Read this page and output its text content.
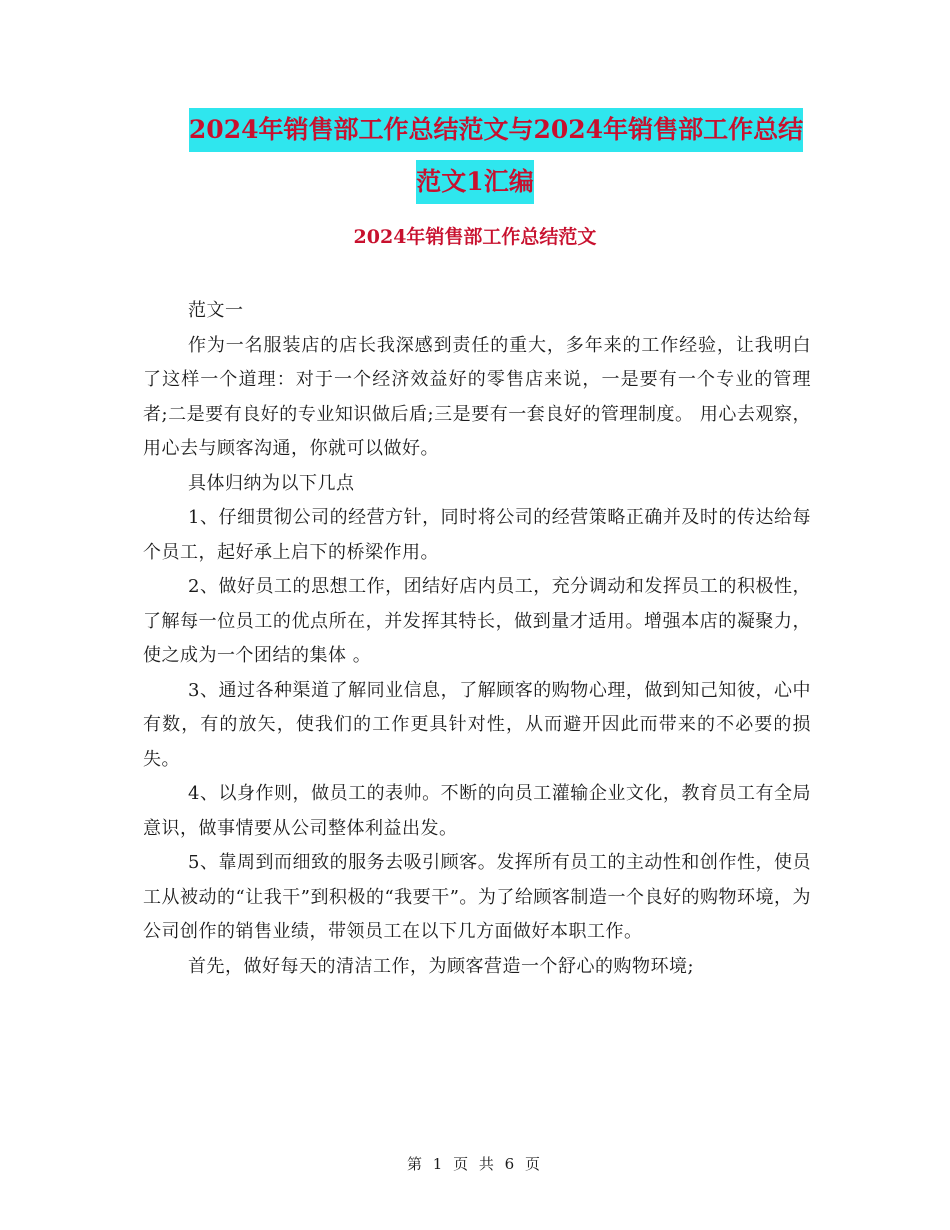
2024年销售部工作总结范文与2024年销售部工作总结
范文1汇编
2024年销售部工作总结范文

范文一

作为一名服装店的店长我深感到责任的重大，多年来的工作经验，让我明白了这样一个道理：对于一个经济效益好的零售店来说，一是要有一个专业的管理者;二是要有良好的专业知识做后盾;三是要有一套良好的管理制度。 用心去观察，用心去与顾客沟通，你就可以做好。

具体归纳为以下几点

1、仔细贯彻公司的经营方针，同时将公司的经营策略正确并及时的传达给每个员工，起好承上启下的桥梁作用。

2、做好员工的思想工作，团结好店内员工，充分调动和发挥员工的积极性，了解每一位员工的优点所在，并发挥其特长，做到量才适用。增强本店的凝聚力，使之成为一个团结的集体 。

3、通过各种渠道了解同业信息，了解顾客的购物心理，做到知己知彼，心中有数，有的放矢，使我们的工作更具针对性，从而避开因此而带来的不必要的损失。

4、以身作则，做员工的表帅。不断的向员工灌输企业文化，教育员工有全局意识，做事情要从公司整体利益出发。

5、靠周到而细致的服务去吸引顾客。发挥所有员工的主动性和创作性，使员工从被动的“让我干”到积极的“我要干”。为了给顾客制造一个良好的购物环境，为公司创作的销售业绩，带领员工在以下几方面做好本职工作。

首先，做好每天的清洁工作，为顾客营造一个舒心的购物环境;

第 1 页 共 6 页
